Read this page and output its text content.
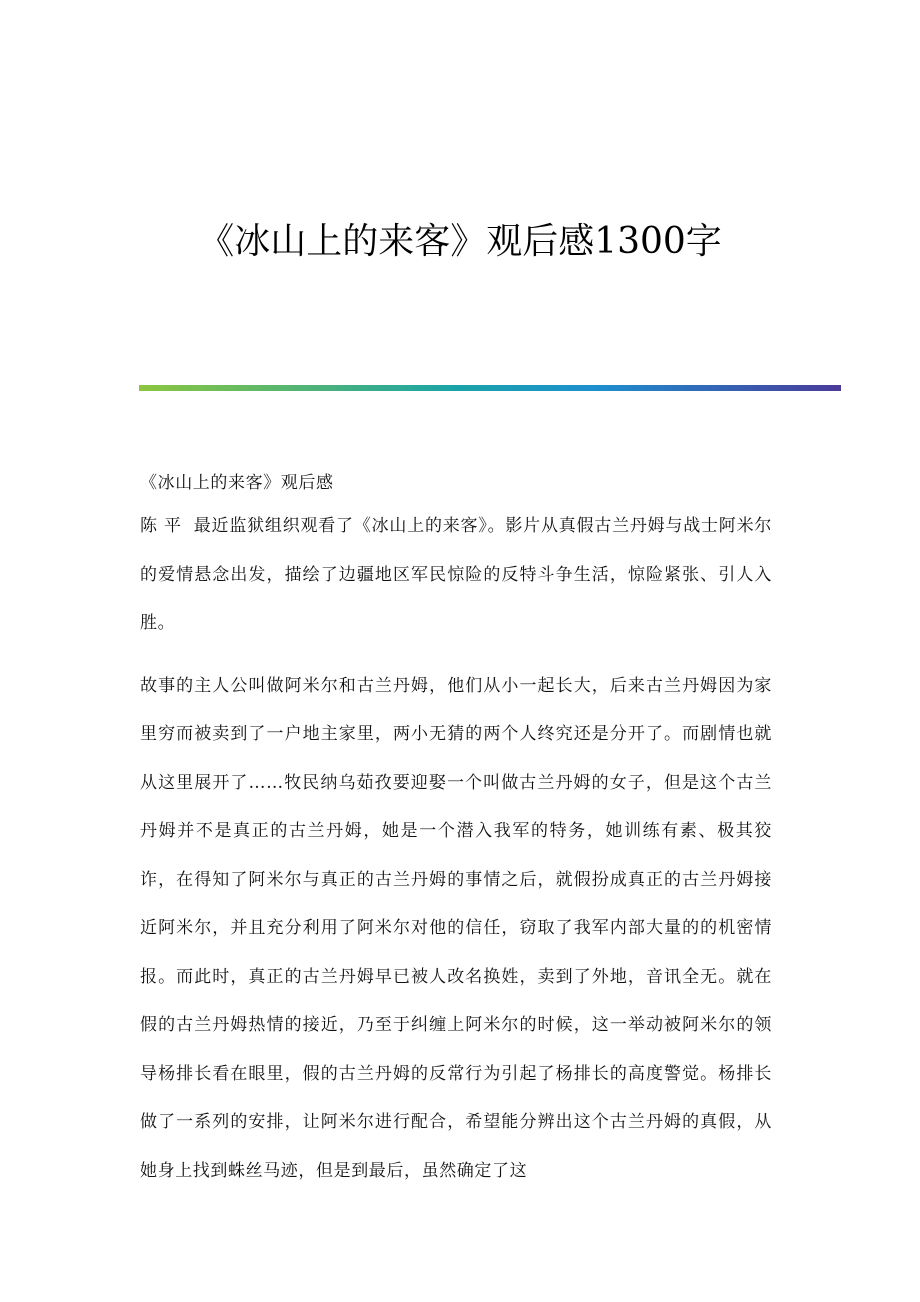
《冰山上的来客》观后感1300字
《冰山上的来客》观后感

陈 平 最近监狱组织观看了《冰山上的来客》。影片从真假古兰丹姆与战士阿米尔的爱情悬念出发，描绘了边疆地区军民惊险的反特斗争生活，惊险紧张、引人入胜。

故事的主人公叫做阿米尔和古兰丹姆，他们从小一起长大，后来古兰丹姆因为家里穷而被卖到了一户地主家里，两小无猜的两个人终究还是分开了。而剧情也就从这里展开了……牧民纳乌茹孜要迎娶一个叫做古兰丹姆的女子，但是这个古兰丹姆并不是真正的古兰丹姆，她是一个潜入我军的特务，她训练有素、极其狡诈，在得知了阿米尔与真正的古兰丹姆的事情之后，就假扮成真正的古兰丹姆接近阿米尔，并且充分利用了阿米尔对他的信任，窃取了我军内部大量的的机密情报。而此时，真正的古兰丹姆早已被人改名换姓，卖到了外地，音讯全无。就在假的古兰丹姆热情的接近，乃至于纠缠上阿米尔的时候，这一举动被阿米尔的领导杨排长看在眼里，假的古兰丹姆的反常行为引起了杨排长的高度警觉。杨排长做了一系列的安排，让阿米尔进行配合，希望能分辨出这个古兰丹姆的真假，从她身上找到蛛丝马迹，但是到最后，虽然确定了这
